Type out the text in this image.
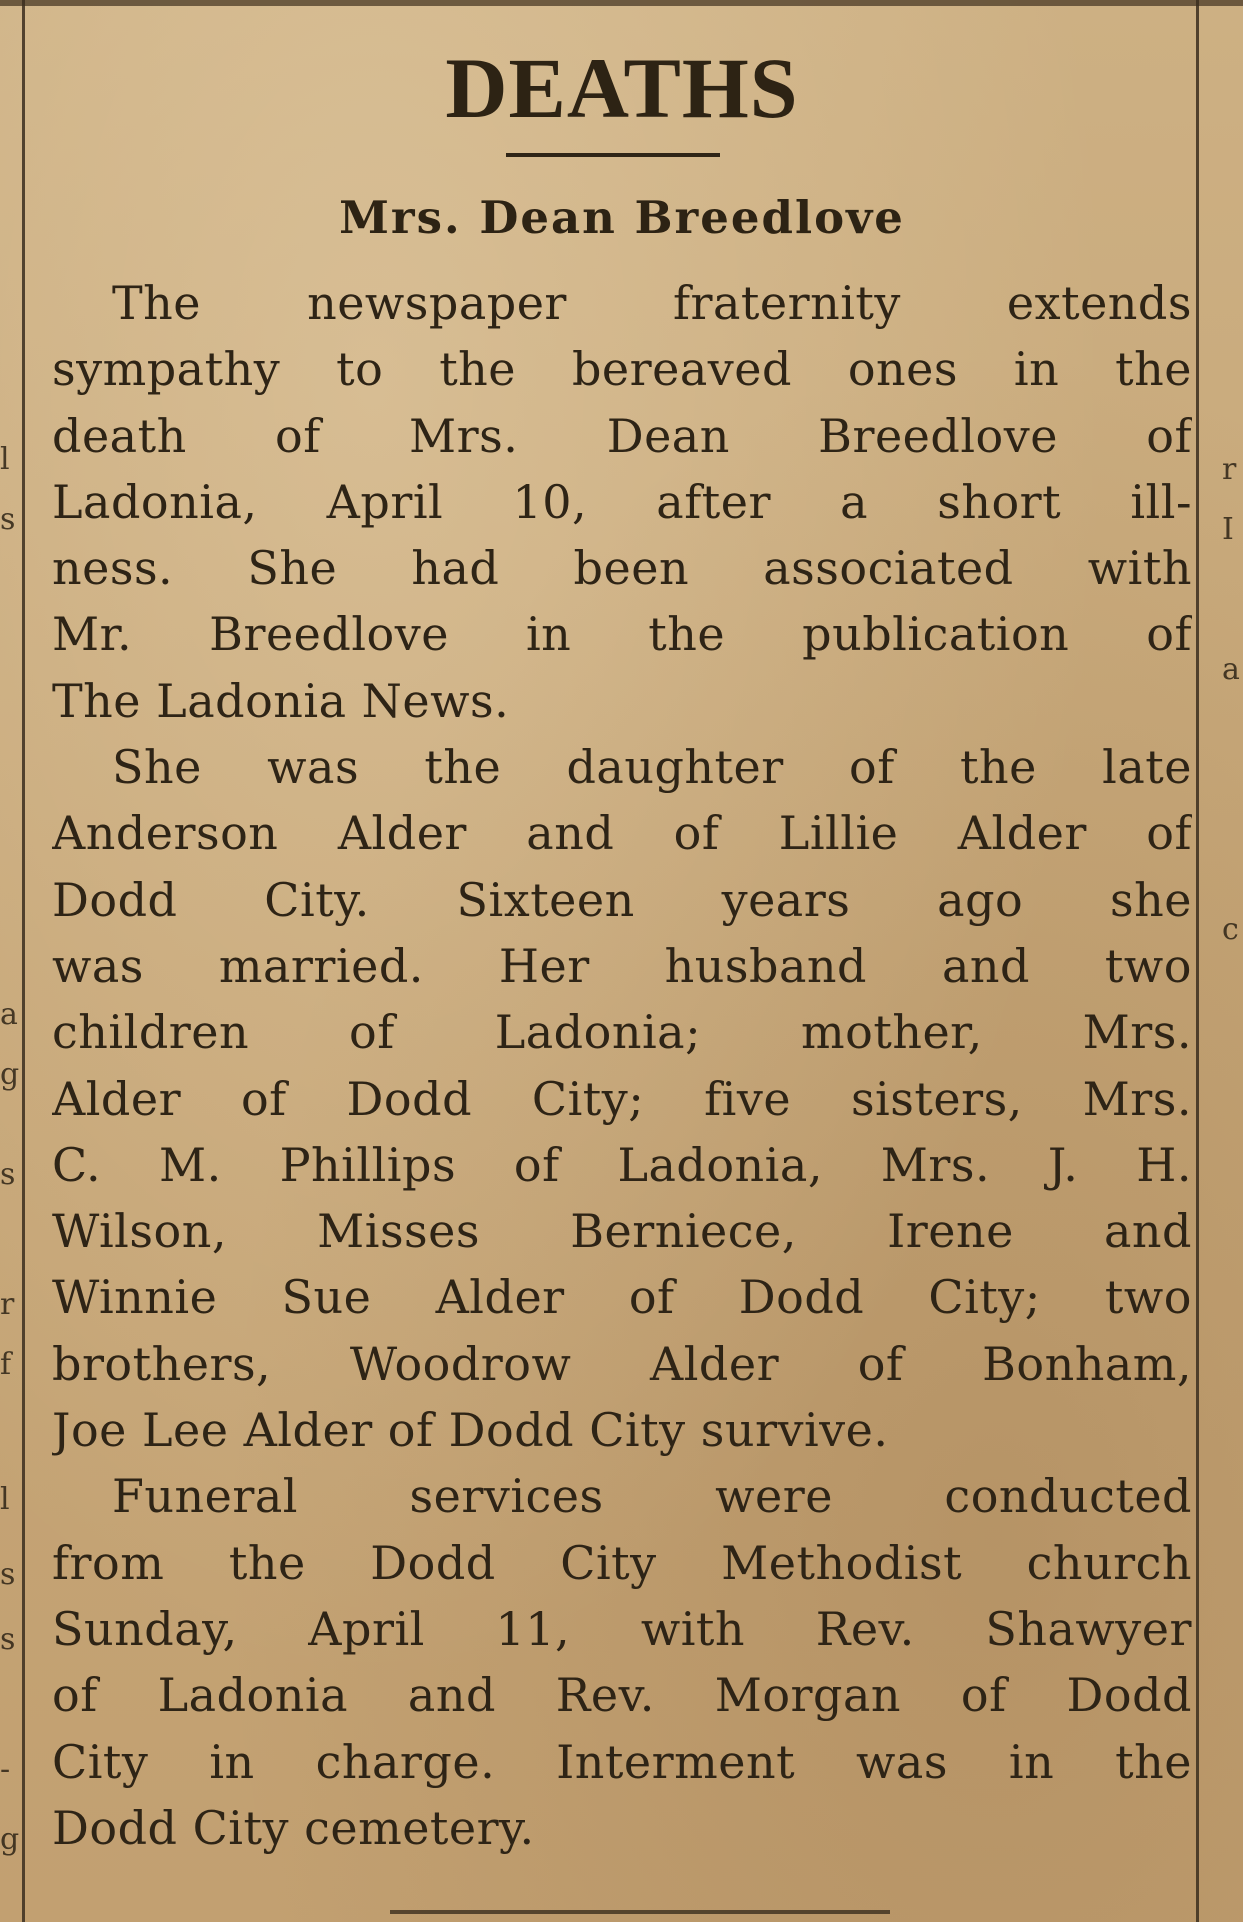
l
s
a
g
s
r
f
l
s
s
-
g
r
I
a
c
DEATHS
Mrs. Dean Breedlove
The newspaper fraternity extends
sympathy to the bereaved ones in the
death of Mrs. Dean Breedlove of
Ladonia, April 10, after a short ill-
ness. She had been associated with
Mr. Breedlove in the publication of
The Ladonia News.
She was the daughter of the late
Anderson Alder and of Lillie Alder of
Dodd City. Sixteen years ago she
was married. Her husband and two
children of Ladonia; mother, Mrs.
Alder of Dodd City; five sisters, Mrs.
C. M. Phillips of Ladonia, Mrs. J. H.
Wilson, Misses Berniece, Irene and
Winnie Sue Alder of Dodd City; two
brothers, Woodrow Alder of Bonham,
Joe Lee Alder of Dodd City survive.
Funeral services were conducted
from the Dodd City Methodist church
Sunday, April 11, with Rev. Shawyer
of Ladonia and Rev. Morgan of Dodd
City in charge. Interment was in the
Dodd City cemetery.
